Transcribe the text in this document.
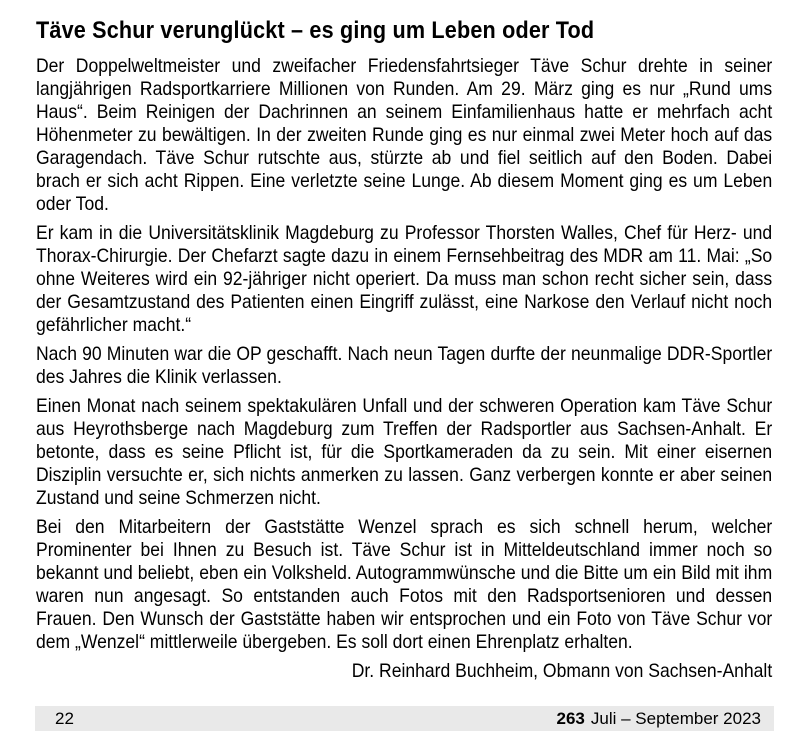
Täve Schur verunglückt – es ging um Leben oder Tod

Der Doppelweltmeister und zweifacher Friedensfahrtsieger Täve Schur drehte in seiner langjährigen Radsportkarriere Millionen von Runden. Am 29. März ging es nur „Rund ums Haus“. Beim Reinigen der Dachrinnen an seinem Einfamilienhaus hatte er mehrfach acht Höhenmeter zu bewältigen. In der zweiten Runde ging es nur einmal zwei Meter hoch auf das Garagendach. Täve Schur rutschte aus, stürzte ab und fiel seitlich auf den Boden. Dabei brach er sich acht Rippen. Eine verletzte seine Lunge. Ab diesem Moment ging es um Leben oder Tod.

Er kam in die Universitätsklinik Magdeburg zu Professor Thorsten Walles, Chef für Herz- und Thorax-Chirurgie. Der Chefarzt sagte dazu in einem Fernsehbeitrag des MDR am 11. Mai: „So ohne Weiteres wird ein 92-jähriger nicht operiert. Da muss man schon recht sicher sein, dass der Gesamtzustand des Patienten einen Eingriff zulässt, eine Narkose den Verlauf nicht noch gefährlicher macht.“

Nach 90 Minuten war die OP geschafft. Nach neun Tagen durfte der neunmalige DDR-Sportler des Jahres die Klinik verlassen.

Einen Monat nach seinem spektakulären Unfall und der schweren Operation kam Täve Schur aus Heyrothsberge nach Magdeburg zum Treffen der Radsportler aus Sachsen-Anhalt. Er betonte, dass es seine Pflicht ist, für die Sportkameraden da zu sein. Mit einer eisernen Disziplin versuchte er, sich nichts anmerken zu lassen. Ganz verbergen konnte er aber seinen Zustand und seine Schmerzen nicht.

Bei den Mitarbeitern der Gaststätte Wenzel sprach es sich schnell herum, welcher Prominenter bei Ihnen zu Besuch ist. Täve Schur ist in Mitteldeutschland immer noch so bekannt und beliebt, eben ein Volksheld. Autogrammwünsche und die Bitte um ein Bild mit ihm waren nun angesagt. So entstanden auch Fotos mit den Radsportsenioren und dessen Frauen. Den Wunsch der Gaststätte haben wir entsprochen und ein Foto von Täve Schur vor dem „Wenzel“ mittlerweile übergeben. Es soll dort einen Ehrenplatz erhalten.

Dr. Reinhard Buchheim, Obmann von Sachsen-Anhalt

22	263 Juli – September 2023
